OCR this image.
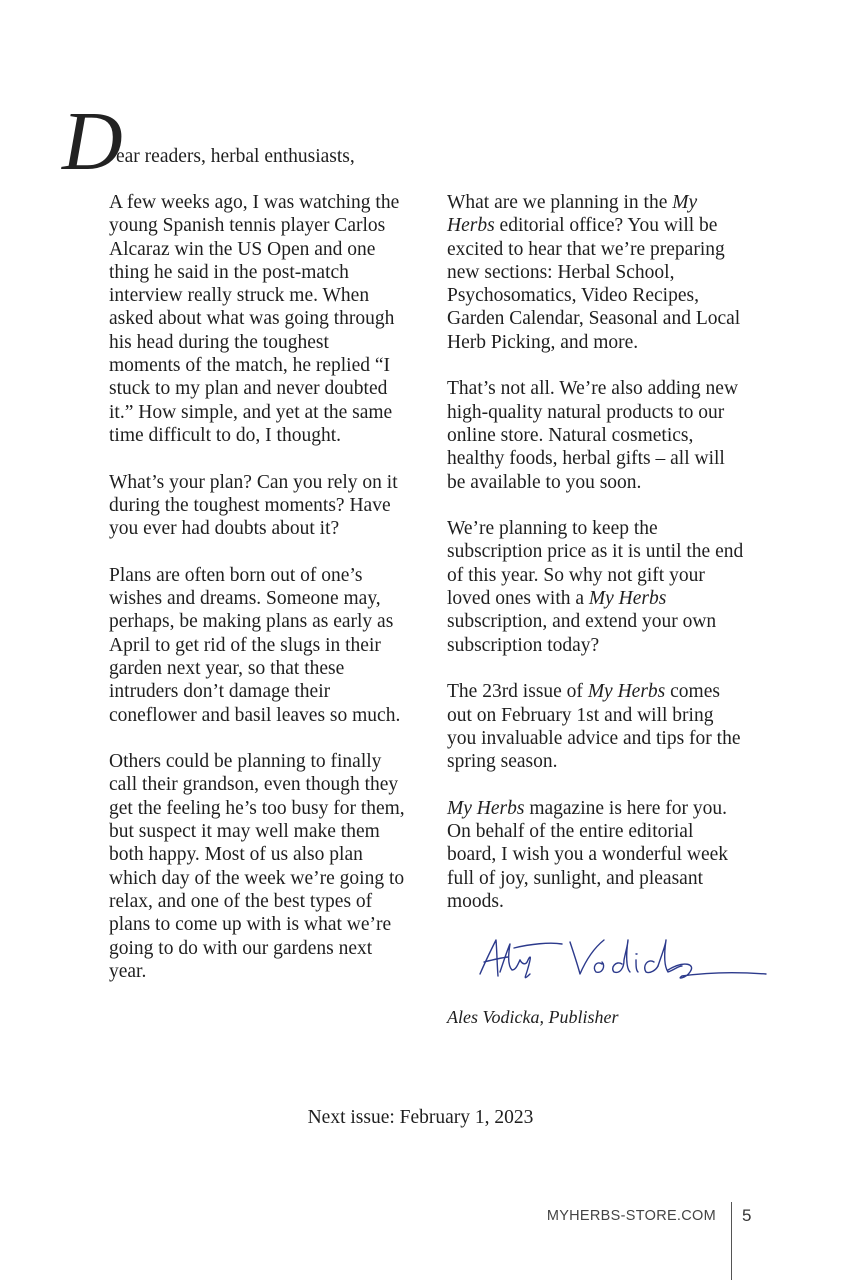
D
ear readers, herbal enthusiasts,

A few weeks ago, I was watching the young Spanish tennis player Carlos Alcaraz win the US Open and one thing he said in the post-match interview really struck me. When asked about what was going through his head during the toughest moments of the match, he replied “I stuck to my plan and never doubted it.” How simple, and yet at the same time difficult to do, I thought.

What’s your plan? Can you rely on it during the toughest moments? Have you ever had doubts about it?

Plans are often born out of one’s wishes and dreams. Someone may, perhaps, be making plans as early as April to get rid of the slugs in their garden next year, so that these intruders don’t damage their coneflower and basil leaves so much.

Others could be planning to finally call their grandson, even though they get the feeling he’s too busy for them, but suspect it may well make them both happy. Most of us also plan which day of the week we’re going to relax, and one of the best types of plans to come up with is what we’re going to do with our gardens next year.

What are we planning in the My Herbs editorial office? You will be excited to hear that we’re preparing new sections: Herbal School, Psychosomatics, Video Recipes, Garden Calendar, Seasonal and Local Herb Picking, and more.

That’s not all. We’re also adding new high-quality natural products to our online store. Natural cosmetics, healthy foods, herbal gifts – all will be available to you soon.

We’re planning to keep the subscription price as it is until the end of this year. So why not gift your loved ones with a My Herbs subscription, and extend your own subscription today?

The 23rd issue of My Herbs comes out on February 1st and will bring you invaluable advice and tips for the spring season.

My Herbs magazine is here for you. On behalf of the entire editorial board, I wish you a wonderful week full of joy, sunlight, and pleasant moods.

Ales Vodicka, Publisher
Next issue: February 1, 2023
MYHERBS-STORE.COM 5
